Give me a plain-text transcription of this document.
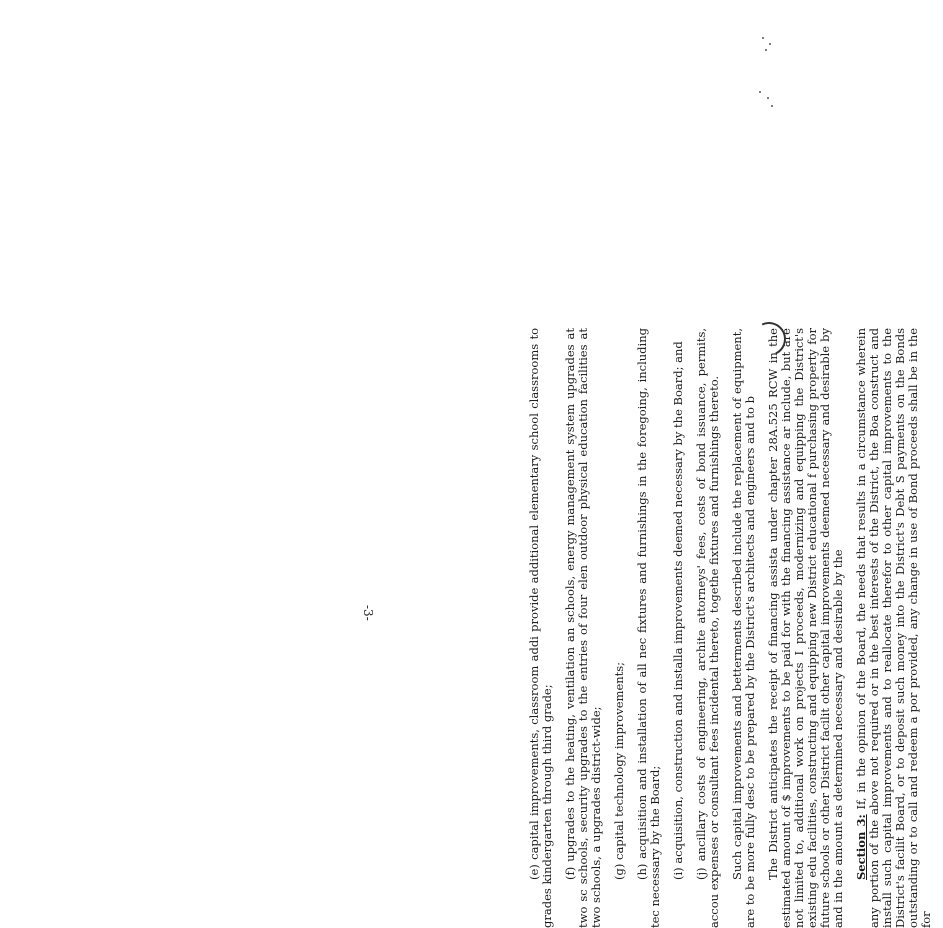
(e) capital improvements, classroom addi provide additional elementary school classrooms to grades kindergarten through third grade; (f) upgrades to the heating, ventilation an schools, energy management system upgrades at two sc schools, security upgrades to the entries of four elen outdoor physical education facilities at two schools, a upgrades district-wide; (g) capital technology improvements;

(h) acquisition and installation of all nec fixtures and furnishings in the foregoing, including tec necessary by the Board; (i) acquisition, construction and installa improvements deemed necessary by the Board; and

(j) ancillary costs of engineering, archite attorneys' fees, costs of bond issuance, permits, accou expenses or consultant fees incidental thereto, togethe fixtures and furnishings thereto. Such capital improvements and betterments described include the replacement of equipment, are to be more fully desc to be prepared by the District's architects and engineers and to b The District anticipates the receipt of financing assista under chapter 28A.525 RCW in the estimated amount of $ improvements to be paid for with the financing assistance ar include, but are not limited to, additional work on projects I proceeds, modernizing and equipping the District's existing edu facilities, constructing and equipping new District educational f purchasing property for future schools or other District facilit other capital improvements deemed necessary and desirable by and in the amount as determined necessary and desirable by the Section 3: If, in the opinion of the Board, the needs that results in a circumstance wherein any portion of the above not required or in the best interests of the District, the Boa construct and install such capital improvements and to reallocate therefor to other capital improvements to the District's facilit Board, or to deposit such money into the District's Debt S payments on the Bonds outstanding or to call and redeem a por provided, any change in use of Bond proceeds shall be in the for

-3-
